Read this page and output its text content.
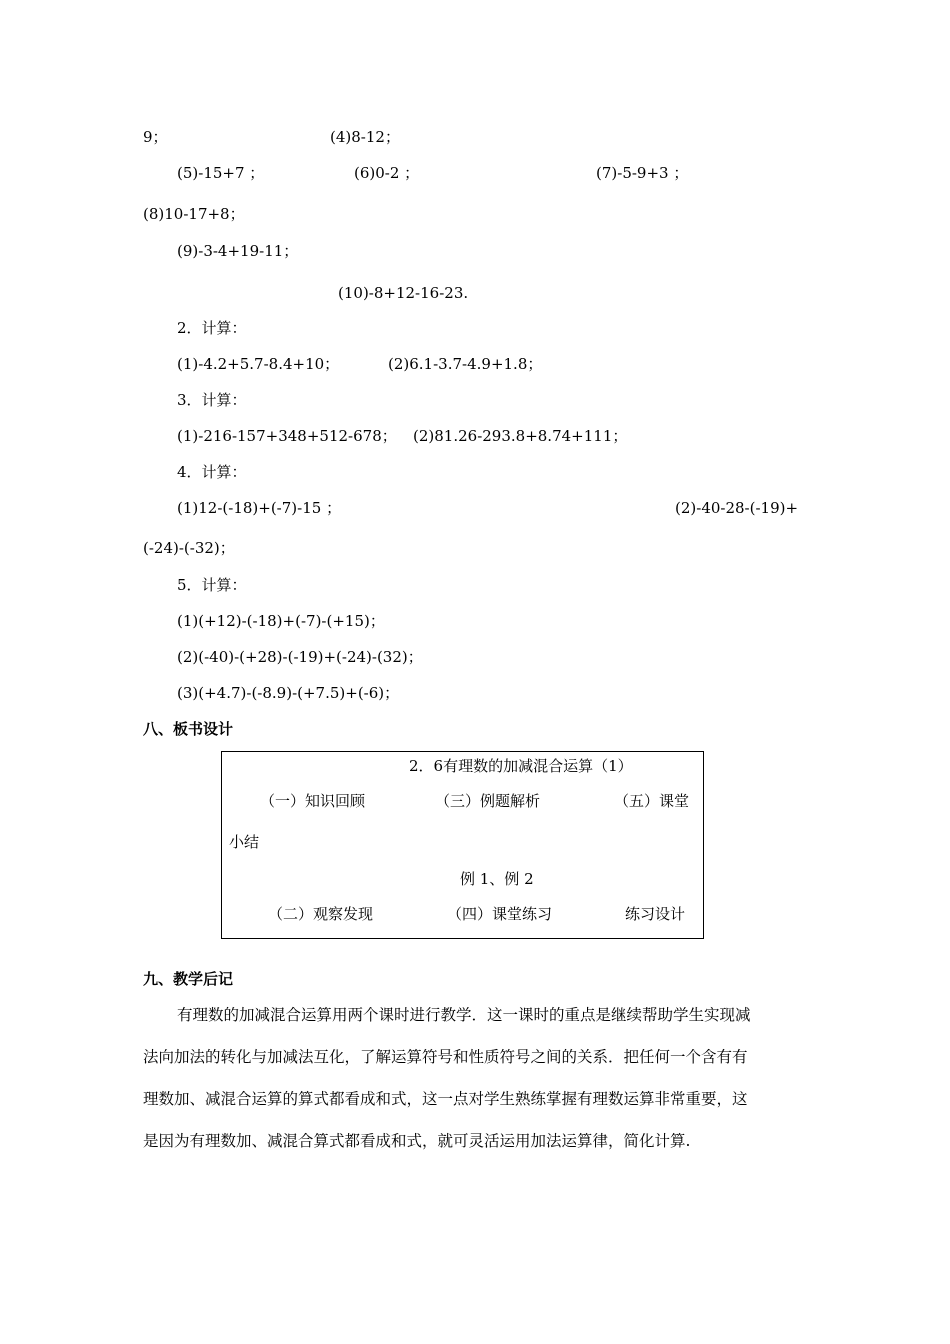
9；	(4)8-12；
(5)-15+7 ；	(6)0-2 ；	(7)-5-9+3 ；
(8)10-17+8；
(9)-3-4+19-11；
(10)-8+12-16-23.
2．计算：
(1)-4.2+5.7-8.4+10；	(2)6.1-3.7-4.9+1.8；
3．计算：
(1)-216-157+348+512-678； (2)81.26-293.8+8.74+111；
4．计算：
(1)12-(-18)+(-7)-15 ；	(2)-40-28-(-19)+
(-24)-(-32)；
5．计算：
(1)(+12)-(-18)+(-7)-(+15)；
(2)(-40)-(+28)-(-19)+(-24)-(32)；
(3)(+4.7)-(-8.9)-(+7.5)+(-6)；
八、板书设计
2．6有理数的加减混合运算（1）
（一）知识回顾	（三）例题解析	（五）课堂
小结
例 1、例 2
（二）观察发现	（四）课堂练习	练习设计
九、教学后记
有理数的加减混合运算用两个课时进行教学．这一课时的重点是继续帮助学生实现减
法向加法的转化与加减法互化，了解运算符号和性质符号之间的关系．把任何一个含有有
理数加、减混合运算的算式都看成和式，这一点对学生熟练掌握有理数运算非常重要，这
是因为有理数加、减混合算式都看成和式，就可灵活运用加法运算律，简化计算.
